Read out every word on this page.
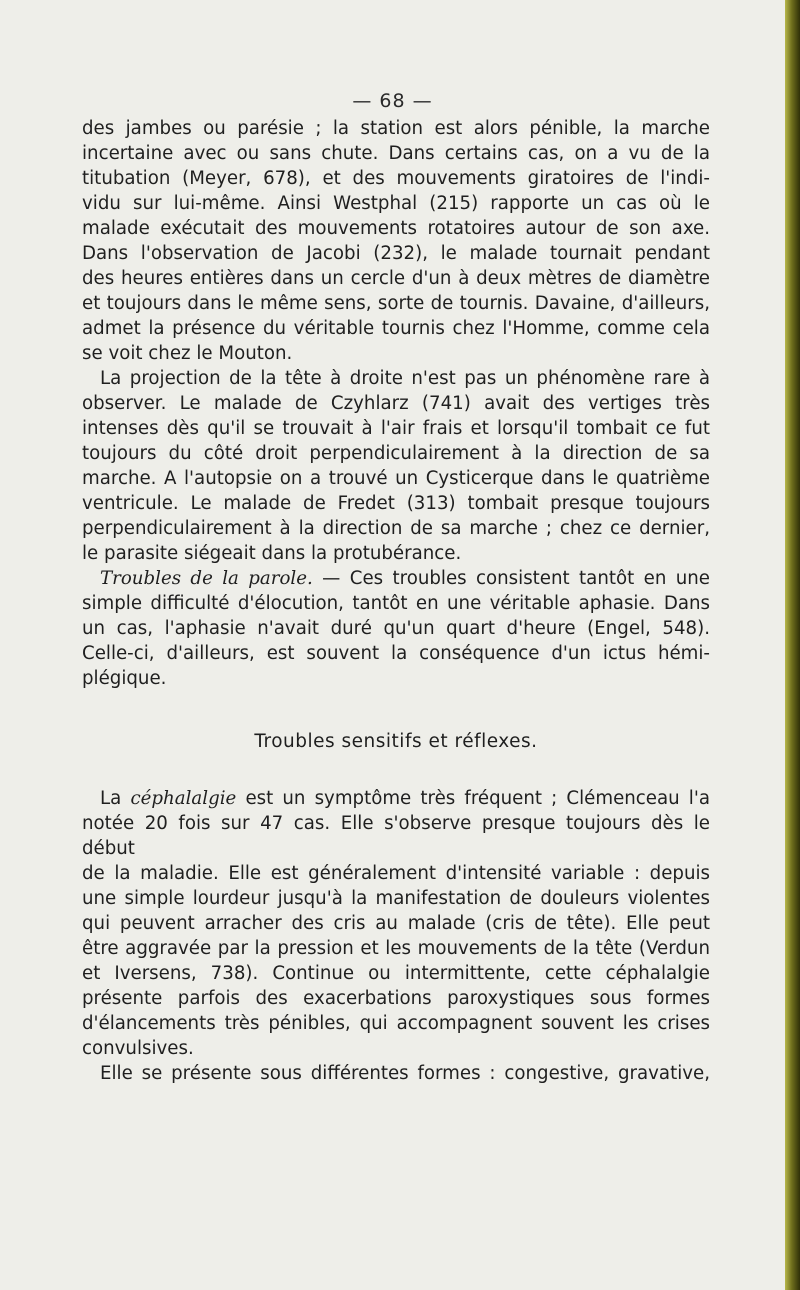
— 68 —

des jambes ou parésie ; la station est alors pénible, la marche

incertaine avec ou sans chute. Dans certains cas, on a vu de la

titubation (Meyer, 678), et des mouvements giratoires de l'indi-

vidu sur lui-même. Ainsi Westphal (215) rapporte un cas où le

malade exécutait des mouvements rotatoires autour de son axe.

Dans l'observation de Jacobi (232), le malade tournait pendant

des heures entières dans un cercle d'un à deux mètres de diamètre

et toujours dans le même sens, sorte de tournis. Davaine, d'ailleurs,

admet la présence du véritable tournis chez l'Homme, comme cela

se voit chez le Mouton.

La projection de la tête à droite n'est pas un phénomène rare à

observer. Le malade de Czyhlarz (741) avait des vertiges très

intenses dès qu'il se trouvait à l'air frais et lorsqu'il tombait ce fut

toujours du côté droit perpendiculairement à la direction de sa

marche. A l'autopsie on a trouvé un Cysticerque dans le quatrième

ventricule. Le malade de Fredet (313) tombait presque toujours

perpendiculairement à la direction de sa marche ; chez ce dernier,

le parasite siégeait dans la protubérance.

Troubles de la parole. — Ces troubles consistent tantôt en une

simple difficulté d'élocution, tantôt en une véritable aphasie. Dans

un cas, l'aphasie n'avait duré qu'un quart d'heure (Engel, 548).

Celle-ci, d'ailleurs, est souvent la conséquence d'un ictus hémi-

plégique.

Troubles sensitifs et réflexes.

La céphalalgie est un symptôme très fréquent ; Clémenceau l'a

notée 20 fois sur 47 cas. Elle s'observe presque toujours dès le début

de la maladie. Elle est généralement d'intensité variable : depuis

une simple lourdeur jusqu'à la manifestation de douleurs violentes

qui peuvent arracher des cris au malade (cris de tête). Elle peut

être aggravée par la pression et les mouvements de la tête (Verdun

et Iversens, 738). Continue ou intermittente, cette céphalalgie

présente parfois des exacerbations paroxystiques sous formes

d'élancements très pénibles, qui accompagnent souvent les crises

convulsives.

Elle se présente sous différentes formes : congestive, gravative,
